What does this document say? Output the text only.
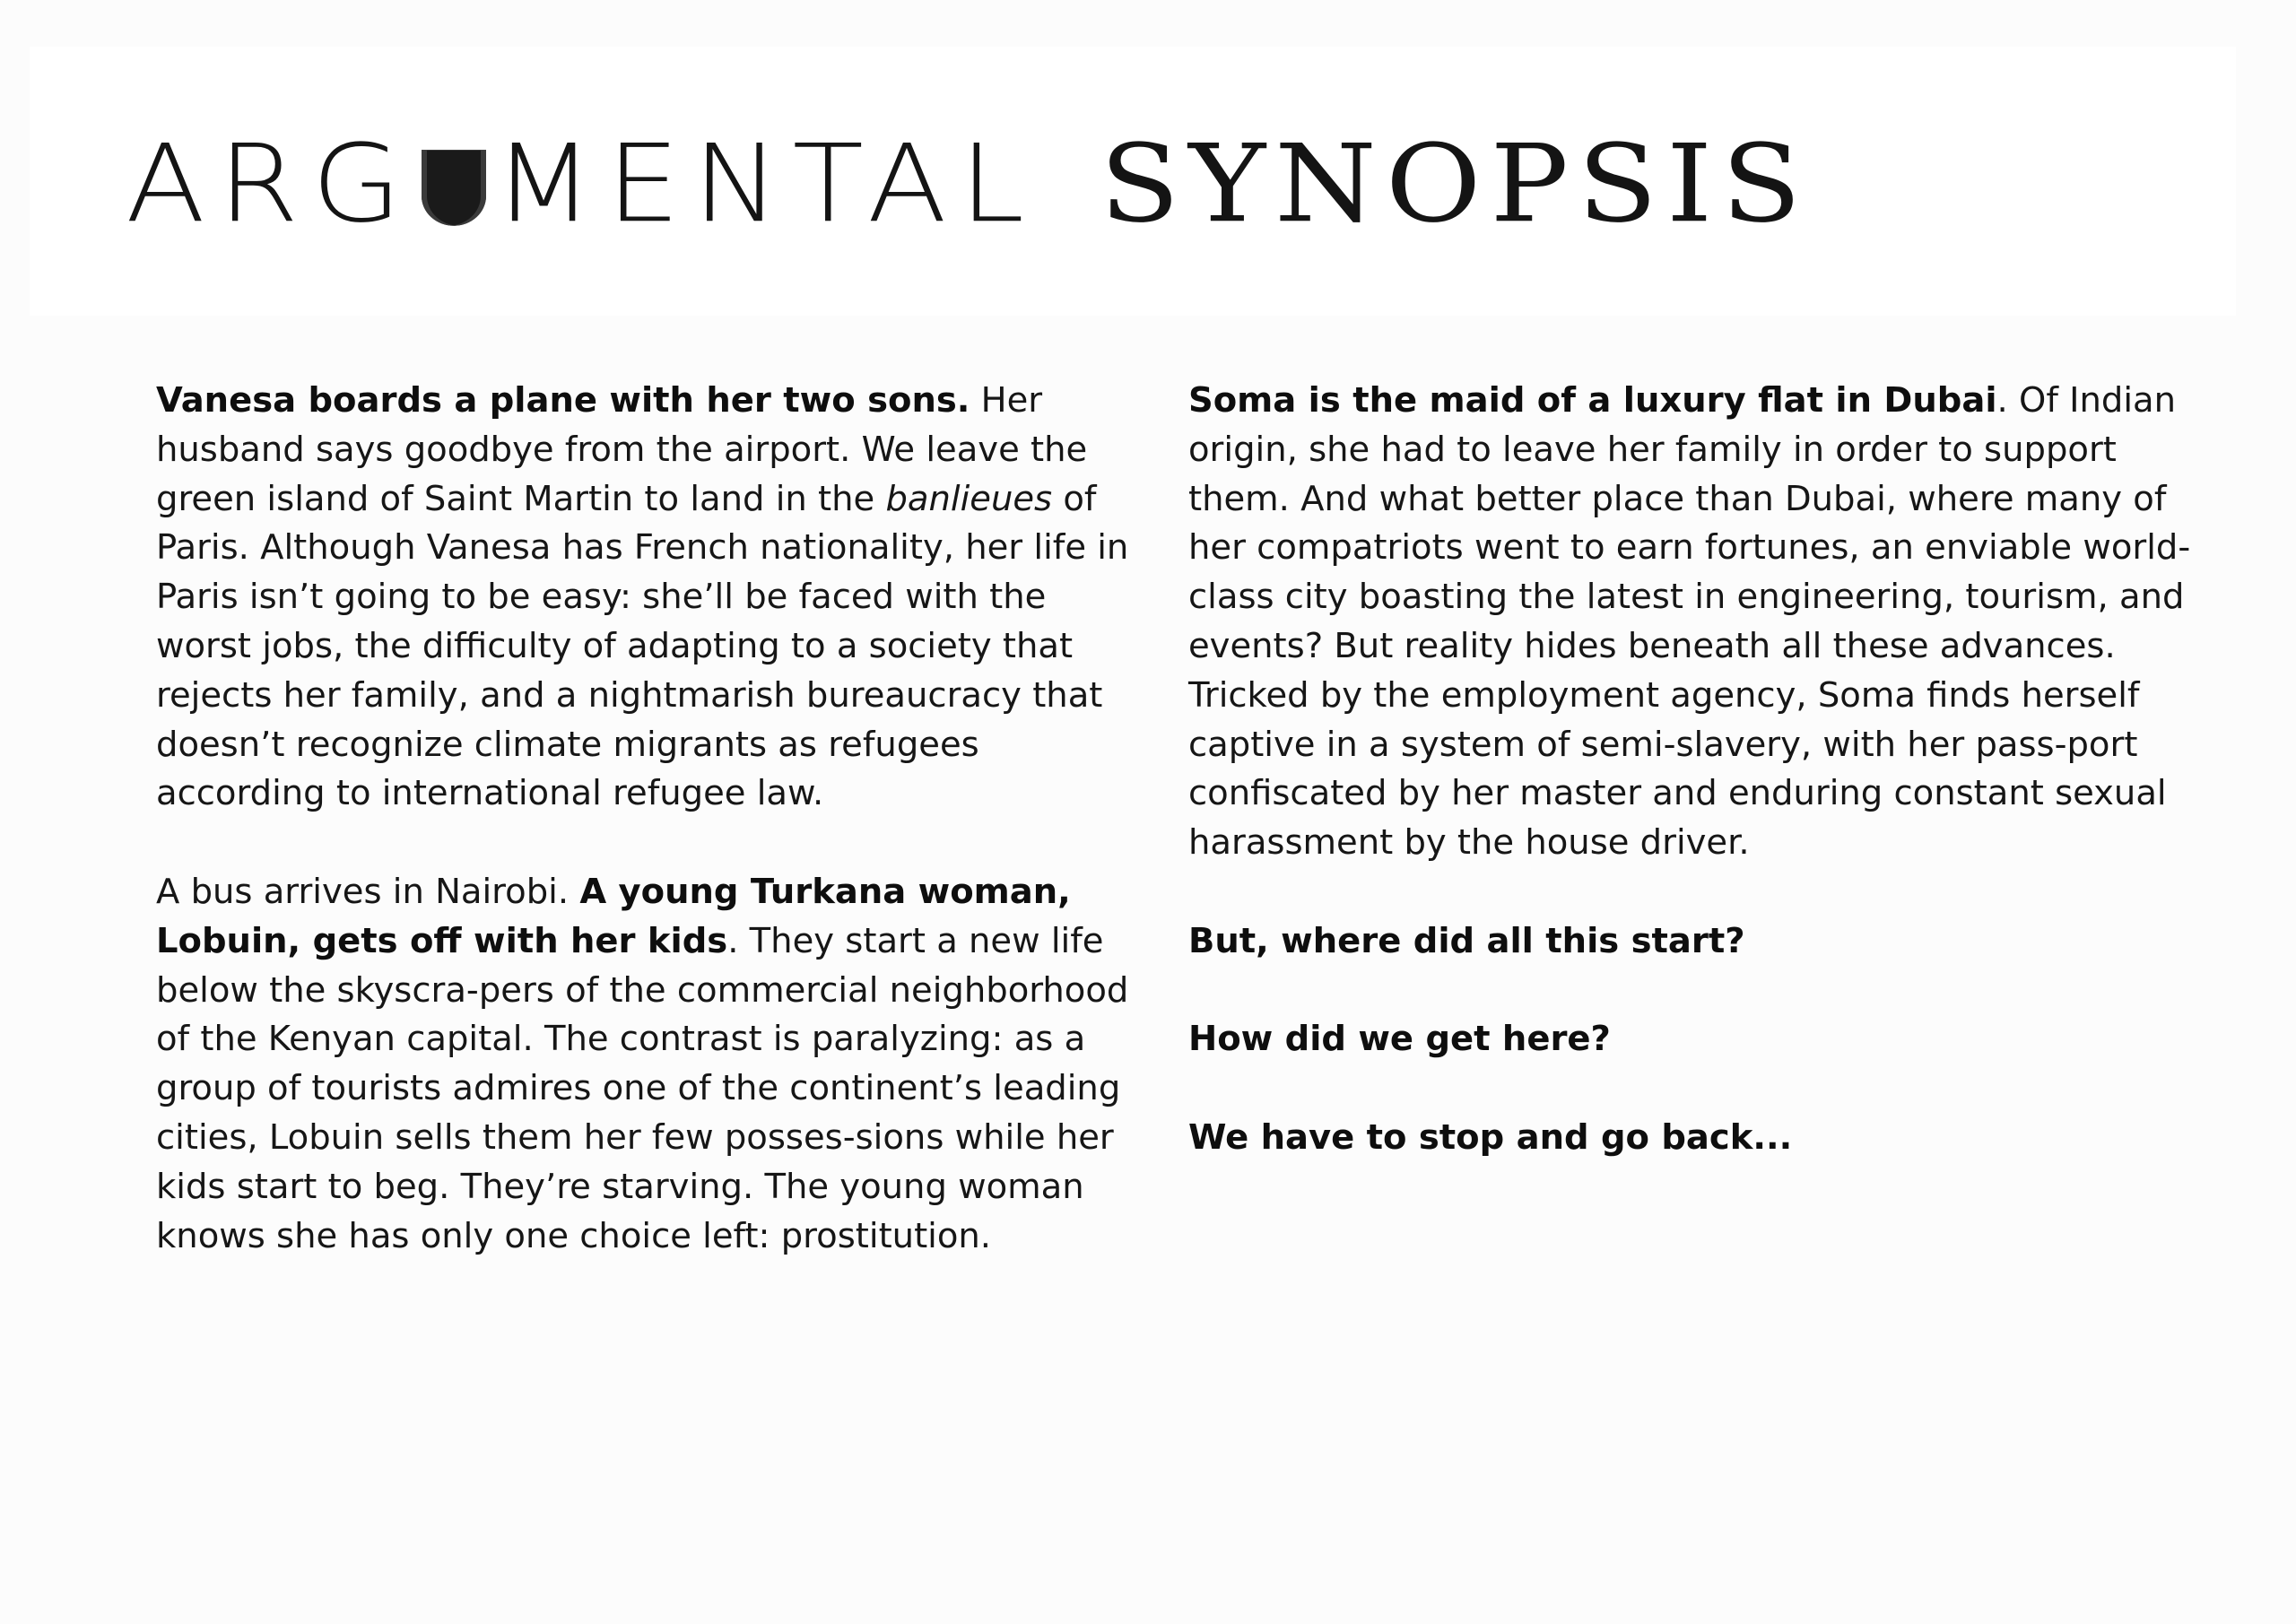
ARG MENTAL SYNOPSIS

Vanesa boards a plane with her two sons. Her husband says goodbye from the airport. We leave the green island of Saint Martin to land in the banlieues of Paris. Although Vanesa has French nationality, her life in Paris isn’t going to be easy: she’ll be faced with the worst jobs, the difficulty of adapting to a society that rejects her family, and a nightmarish bureaucracy that doesn’t recognize climate migrants as refugees according to international refugee law.

A bus arrives in Nairobi. A young Turkana woman, Lobuin, gets off with her kids. They start a new life below the skyscra-pers of the commercial neighborhood of the Kenyan capital. The contrast is paralyzing: as a group of tourists admires one of the continent’s leading cities, Lobuin sells them her few posses-sions while her kids start to beg. They’re starving. The young woman knows she has only one choice left: prostitution.

Soma is the maid of a luxury flat in Dubai. Of Indian origin, she had to leave her family in order to support them. And what better place than Dubai, where many of her compatriots went to earn fortunes, an enviable world-class city boasting the latest in engineering, tourism, and events? But reality hides beneath all these advances. Tricked by the employment agency, Soma finds herself captive in a system of semi-slavery, with her pass-port confiscated by her master and enduring constant sexual harassment by the house driver.

But, where did all this start?

How did we get here?

We have to stop and go back...
